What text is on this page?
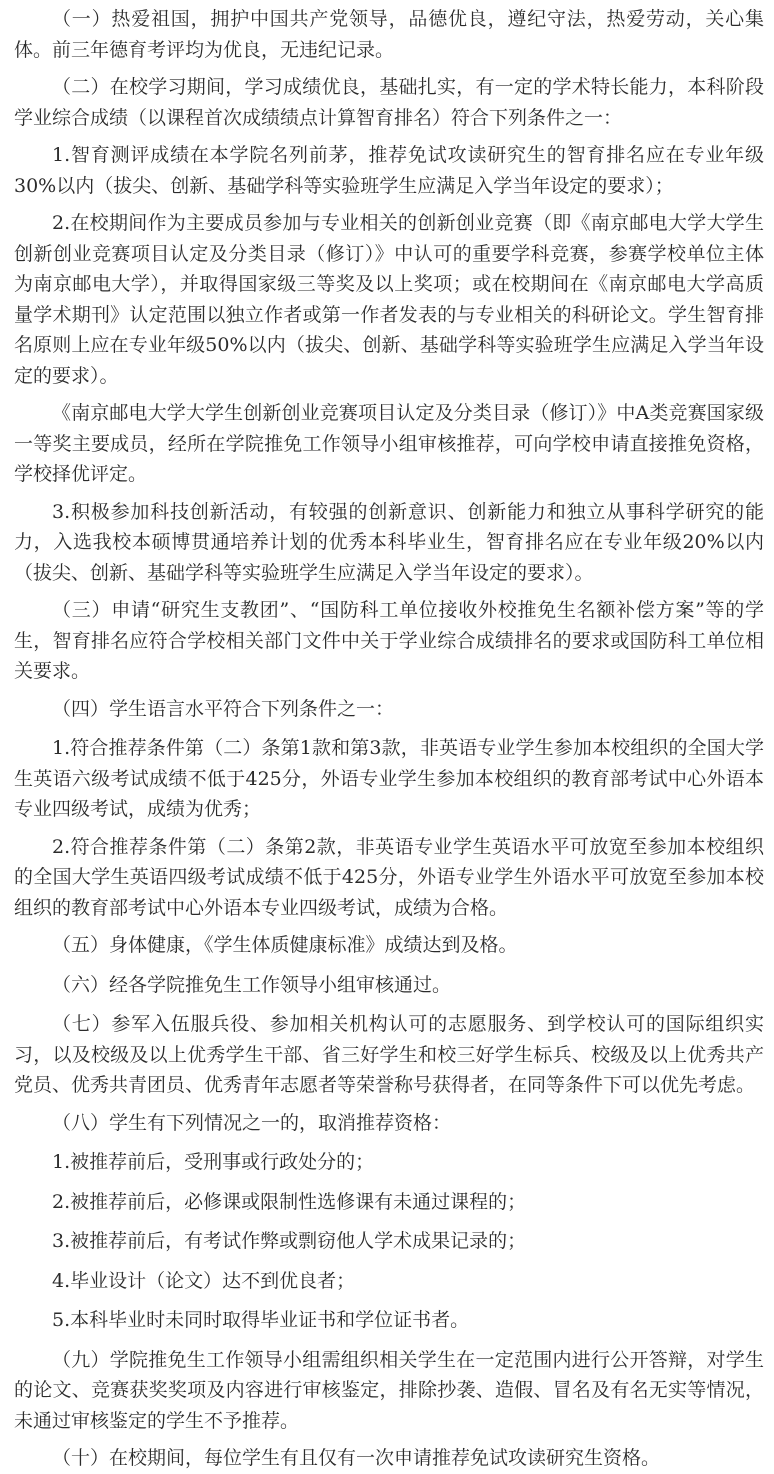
（一）热爱祖国，拥护中国共产党领导，品德优良，遵纪守法，热爱劳动，关心集体。前三年德育考评均为优良，无违纪记录。

（二）在校学习期间，学习成绩优良，基础扎实，有一定的学术特长能力，本科阶段学业综合成绩（以课程首次成绩绩点计算智育排名）符合下列条件之一：

1.智育测评成绩在本学院名列前茅，推荐免试攻读研究生的智育排名应在专业年级30%以内（拔尖、创新、基础学科等实验班学生应满足入学当年设定的要求）；

2.在校期间作为主要成员参加与专业相关的创新创业竞赛（即《南京邮电大学大学生创新创业竞赛项目认定及分类目录（修订）》中认可的重要学科竞赛，参赛学校单位主体为南京邮电大学），并取得国家级三等奖及以上奖项；或在校期间在《南京邮电大学高质量学术期刊》认定范围以独立作者或第一作者发表的与专业相关的科研论文。学生智育排名原则上应在专业年级50%以内（拔尖、创新、基础学科等实验班学生应满足入学当年设定的要求）。

《南京邮电大学大学生创新创业竞赛项目认定及分类目录（修订）》中A类竞赛国家级一等奖主要成员，经所在学院推免工作领导小组审核推荐，可向学校申请直接推免资格，学校择优评定。

3.积极参加科技创新活动，有较强的创新意识、创新能力和独立从事科学研究的能力，入选我校本硕博贯通培养计划的优秀本科毕业生，智育排名应在专业年级20%以内（拔尖、创新、基础学科等实验班学生应满足入学当年设定的要求）。

（三）申请“研究生支教团”、“国防科工单位接收外校推免生名额补偿方案”等的学生，智育排名应符合学校相关部门文件中关于学业综合成绩排名的要求或国防科工单位相关要求。

（四）学生语言水平符合下列条件之一：

1.符合推荐条件第（二）条第1款和第3款，非英语专业学生参加本校组织的全国大学生英语六级考试成绩不低于425分，外语专业学生参加本校组织的教育部考试中心外语本专业四级考试，成绩为优秀；

2.符合推荐条件第（二）条第2款，非英语专业学生英语水平可放宽至参加本校组织的全国大学生英语四级考试成绩不低于425分，外语专业学生外语水平可放宽至参加本校组织的教育部考试中心外语本专业四级考试，成绩为合格。

（五）身体健康，《学生体质健康标准》成绩达到及格。

（六）经各学院推免生工作领导小组审核通过。

（七）参军入伍服兵役、参加相关机构认可的志愿服务、到学校认可的国际组织实习，以及校级及以上优秀学生干部、省三好学生和校三好学生标兵、校级及以上优秀共产党员、优秀共青团员、优秀青年志愿者等荣誉称号获得者，在同等条件下可以优先考虑。

（八）学生有下列情况之一的，取消推荐资格：

1.被推荐前后，受刑事或行政处分的；

2.被推荐前后，必修课或限制性选修课有未通过课程的；

3.被推荐前后，有考试作弊或剽窃他人学术成果记录的；

4.毕业设计（论文）达不到优良者；

5.本科毕业时未同时取得毕业证书和学位证书者。

（九）学院推免生工作领导小组需组织相关学生在一定范围内进行公开答辩，对学生的论文、竞赛获奖奖项及内容进行审核鉴定，排除抄袭、造假、冒名及有名无实等情况，未通过审核鉴定的学生不予推荐。

（十）在校期间，每位学生有且仅有一次申请推荐免试攻读研究生资格。
